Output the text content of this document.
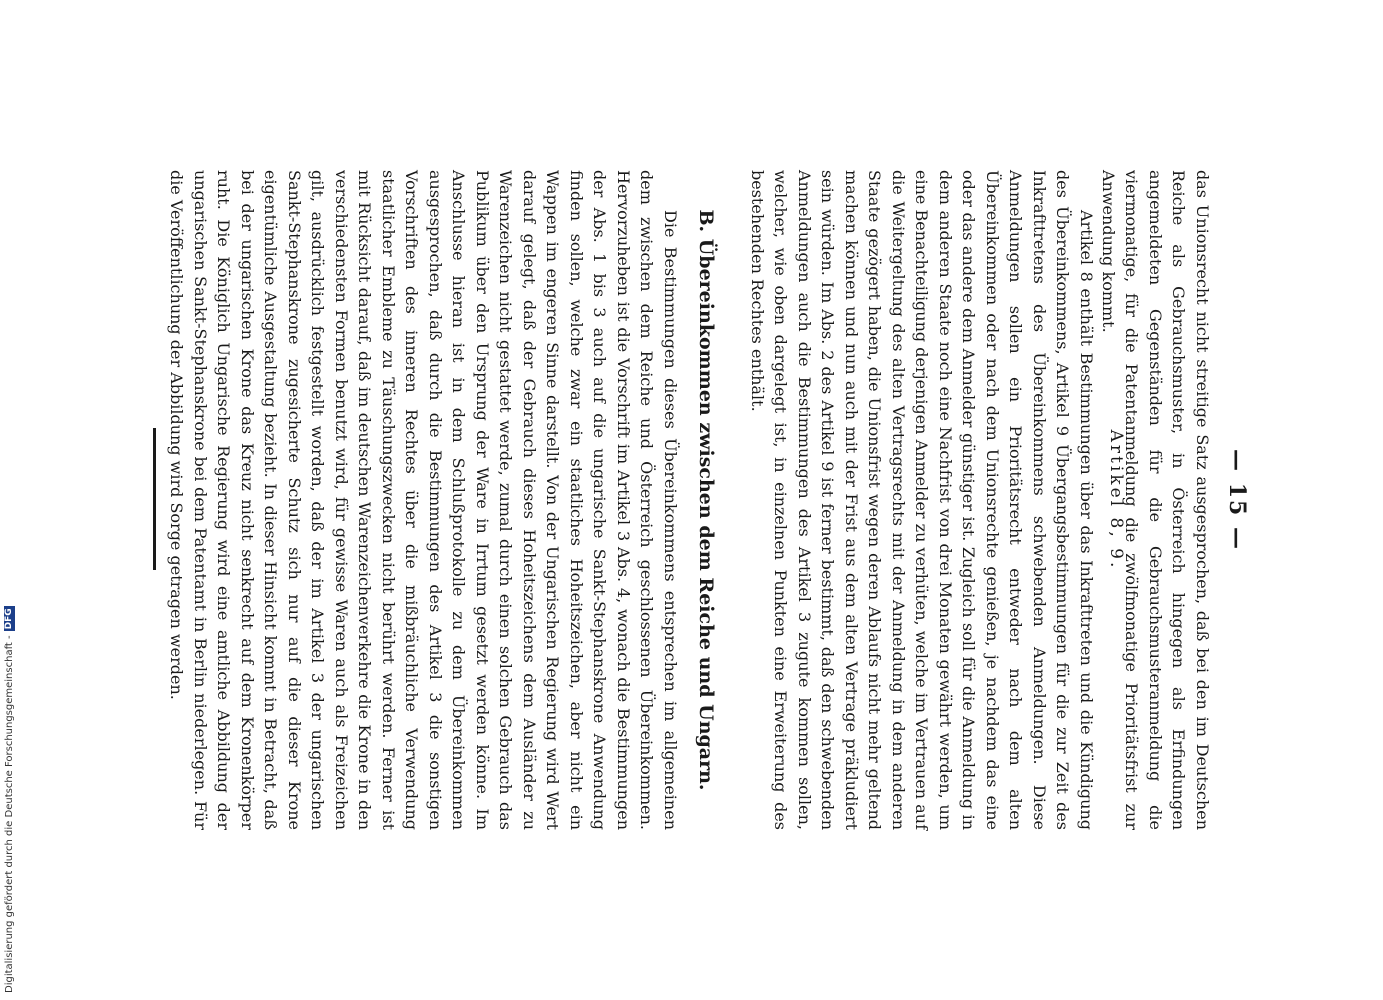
— 15 —

das Unionsrecht nicht streitige Satz ausgesprochen, daß bei den im Deutschen Reiche als Gebrauchsmuster, in Österreich hingegen als Erfindungen angemeldeten Gegenständen für die Gebrauchsmusteranmeldung die viermonatige, für die Patentanmeldung die zwölfmonatige Prioritätsfrist zur Anwendung kommt.

Artikel 8, 9.

Artikel 8 enthält Bestimmungen über das Inkrafttreten und die Kündigung des Übereinkommens, Artikel 9 Übergangsbestimmungen für die zur Zeit des Inkrafttretens des Übereinkommens schwebenden Anmeldungen. Diese Anmeldungen sollen ein Prioritätsrecht entweder nach dem alten Übereinkommen oder nach dem Unionsrechte genießen, je nachdem das eine oder das andere dem Anmelder günstiger ist. Zugleich soll für die Anmeldung in dem anderen Staate noch eine Nachfrist von drei Monaten gewährt werden, um eine Benachteiligung derjenigen Anmelder zu verhüten, welche im Vertrauen auf die Weitergeltung des alten Vertragsrechts mit der Anmeldung in dem anderen Staate gezögert haben, die Unionsfrist wegen deren Ablaufs nicht mehr geltend machen können und nun auch mit der Frist aus dem alten Vertrage präkludiert sein würden. Im Abs. 2 des Artikel 9 ist ferner bestimmt, daß den schwebenden Anmeldungen auch die Bestimmungen des Artikel 3 zugute kommen sollen, welcher, wie oben dargelegt ist, in einzelnen Punkten eine Erweiterung des bestehenden Rechtes enthält.

B. Übereinkommen zwischen dem Reiche und Ungarn.

Die Bestimmungen dieses Übereinkommens entsprechen im allgemeinen dem zwischen dem Reiche und Österreich geschlossenen Übereinkommen. Hervorzuheben ist die Vorschrift im Artikel 3 Abs. 4, wonach die Bestimmungen der Abs. 1 bis 3 auch auf die ungarische Sankt-Stephanskrone Anwendung finden sollen, welche zwar ein staatliches Hoheitszeichen, aber nicht ein Wappen im engeren Sinne darstellt. Von der Ungarischen Regierung wird Wert darauf gelegt, daß der Gebrauch dieses Hoheitszeichens dem Ausländer zu Warenzeichen nicht gestattet werde, zumal durch einen solchen Gebrauch das Publikum über den Ursprung der Ware in Irrtum gesetzt werden könne. Im Anschlusse hieran ist in dem Schlußprotokolle zu dem Übereinkommen ausgesprochen, daß durch die Bestimmungen des Artikel 3 die sonstigen Vorschriften des inneren Rechtes über die mißbräuchliche Verwendung staatlicher Embleme zu Täuschungszwecken nicht berührt werden. Ferner ist mit Rücksicht darauf, daß im deutschen Warenzeichenverkehre die Krone in den verschiedensten Formen benutzt wird, für gewisse Waren auch als Freizeichen gilt, ausdrücklich festgestellt worden, daß der im Artikel 3 der ungarischen Sankt-Stephanskrone zugesicherte Schutz sich nur auf die dieser Krone eigentümliche Ausgestaltung bezieht. In dieser Hinsicht kommt in Betracht, daß bei der ungarischen Krone das Kreuz nicht senkrecht auf dem Kronenkörper ruht. Die Königlich Ungarische Regierung wird eine amtliche Abbildung der ungarischen Sankt-Stephanskrone bei dem Patentamt in Berlin niederlegen. Für die Veröffentlichung der Abbildung wird Sorge getragen werden.

Digitalisierung gefördert durch die Deutsche Forschungsgemeinschaft -
DFG
